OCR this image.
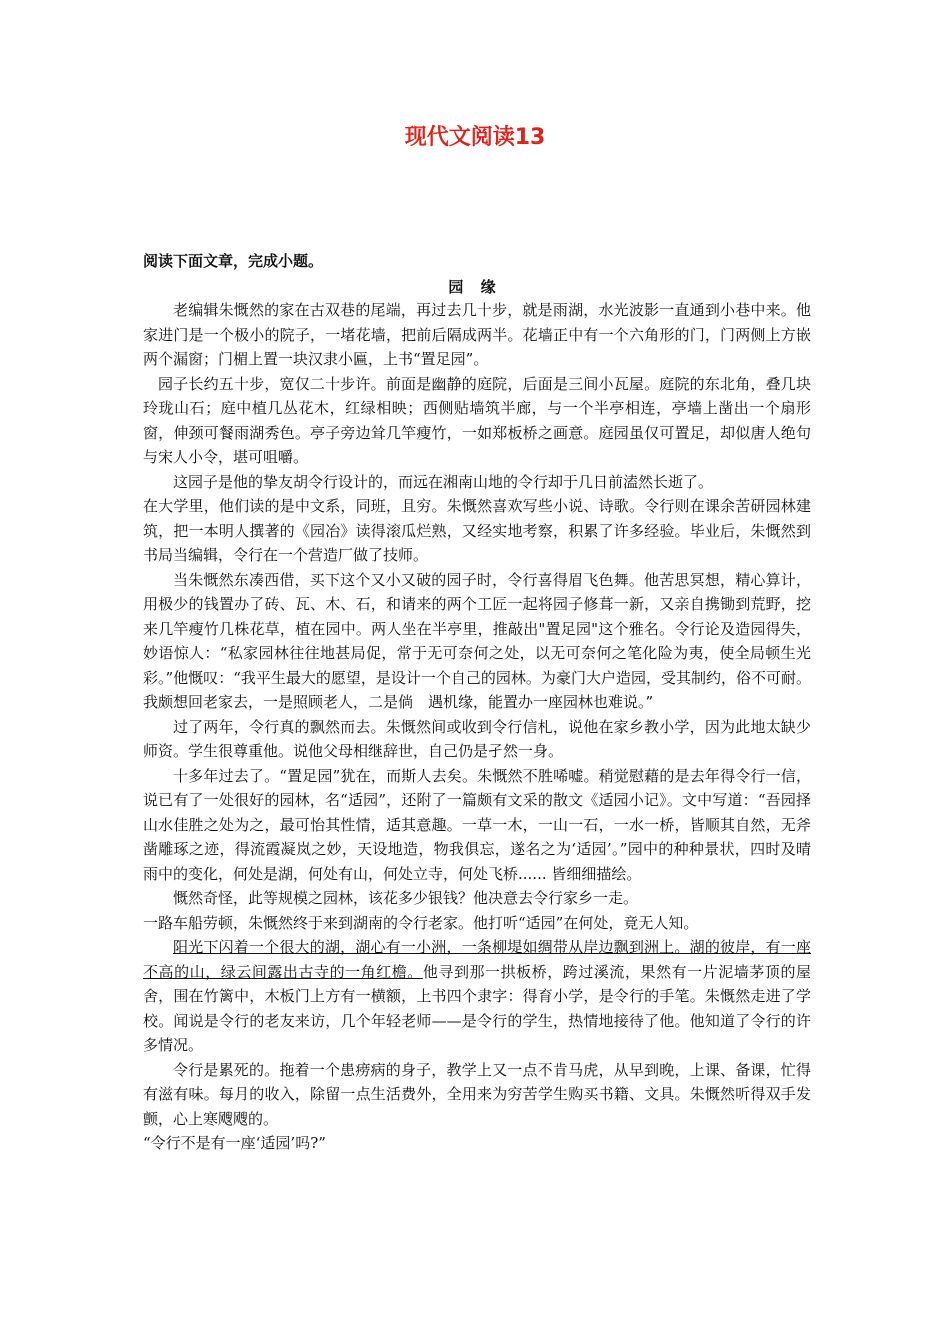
现代文阅读13

阅读下面文章，完成小题。

园 缘

老编辑朱慨然的家在古双巷的尾端，再过去几十步，就是雨湖，水光波影一直通到小巷中来。他家进门是一个极小的院子，一堵花墙，把前后隔成两半。花墙正中有一个六角形的门，门两侧上方嵌两个漏窗；门楣上置一块汉隶小匾，上书“置足园”。

园子长约五十步，宽仅二十步许。前面是幽静的庭院，后面是三间小瓦屋。庭院的东北角，叠几块玲珑山石；庭中植几丛花木，红绿相映；西侧贴墙筑半廊，与一个半亭相连，亭墙上凿出一个扇形窗，伸颈可餐雨湖秀色。亭子旁边耸几竿瘦竹，一如郑板桥之画意。庭园虽仅可置足，却似唐人绝句与宋人小令，堪可咀嚼。

这园子是他的挚友胡令行设计的，而远在湘南山地的令行却于几日前溘然长逝了。

在大学里，他们读的是中文系，同班，且穷。朱慨然喜欢写些小说、诗歌。令行则在课余苦研园林建筑，把一本明人撰著的《园冶》读得滚瓜烂熟，又经实地考察，积累了许多经验。毕业后，朱慨然到书局当编辑，令行在一个营造厂做了技师。

当朱慨然东凑西借，买下这个又小又破的园子时，令行喜得眉飞色舞。他苦思冥想，精心算计，用极少的钱置办了砖、瓦、木、石，和请来的两个工匠一起将园子修葺一新，又亲自携锄到荒野，挖来几竿瘦竹几株花草，植在园中。两人坐在半亭里，推敲出"置足园"这个雅名。令行论及造园得失，妙语惊人：“私家园林往往地甚局促，常于无可奈何之处，以无可奈何之笔化险为夷，使全局顿生光彩。”他慨叹：“我平生最大的愿望，是设计一个自己的园林。为豪门大户造园，受其制约，俗不可耐。我颇想回老家去，一是照顾老人，二是倘　遇机缘，能置办一座园林也难说。”

过了两年，令行真的飘然而去。朱慨然间或收到令行信札，说他在家乡教小学，因为此地太缺少师资。学生很尊重他。说他父母相继辞世，自己仍是孑然一身。

十多年过去了。“置足园”犹在，而斯人去矣。朱慨然不胜唏嘘。稍觉慰藉的是去年得令行一信，说已有了一处很好的园林，名“适园”，还附了一篇颇有文采的散文《适园小记》。文中写道：“吾园择山水佳胜之处为之，最可怡其性情，适其意趣。一草一木，一山一石，一水一桥，皆顺其自然，无斧凿雕琢之迹，得流霞凝岚之妙，天设地造，物我俱忘，遂名之为‘适园’。”园中的种种景状，四时及晴雨中的变化，何处是湖，何处有山，何处立寺，何处飞桥...... 皆细细描绘。

慨然奇怪，此等规模之园林，该花多少银钱？他决意去令行家乡一走。

一路车船劳顿，朱慨然终于来到湖南的令行老家。他打听“适园”在何处，竟无人知。

阳光下闪着一个很大的湖，湖心有一小洲，一条柳堤如绸带从岸边飘到洲上。湖的彼岸，有一座不高的山，绿云间露出古寺的一角红檐。他寻到那一拱板桥，跨过溪流，果然有一片泥墙茅顶的屋舍，围在竹篱中，木板门上方有一横额，上书四个隶字：得育小学，是令行的手笔。朱慨然走进了学校。闻说是令行的老友来访，几个年轻老师——是令行的学生，热情地接待了他。他知道了令行的许多情况。

令行是累死的。拖着一个患痨病的身子，教学上又一点不肯马虎，从早到晚，上课、备课，忙得有滋有味。每月的收入，除留一点生活费外，全用来为穷苦学生购买书籍、文具。朱慨然听得双手发颤，心上寒飕飕的。

“令行不是有一座‘适园’吗?”
